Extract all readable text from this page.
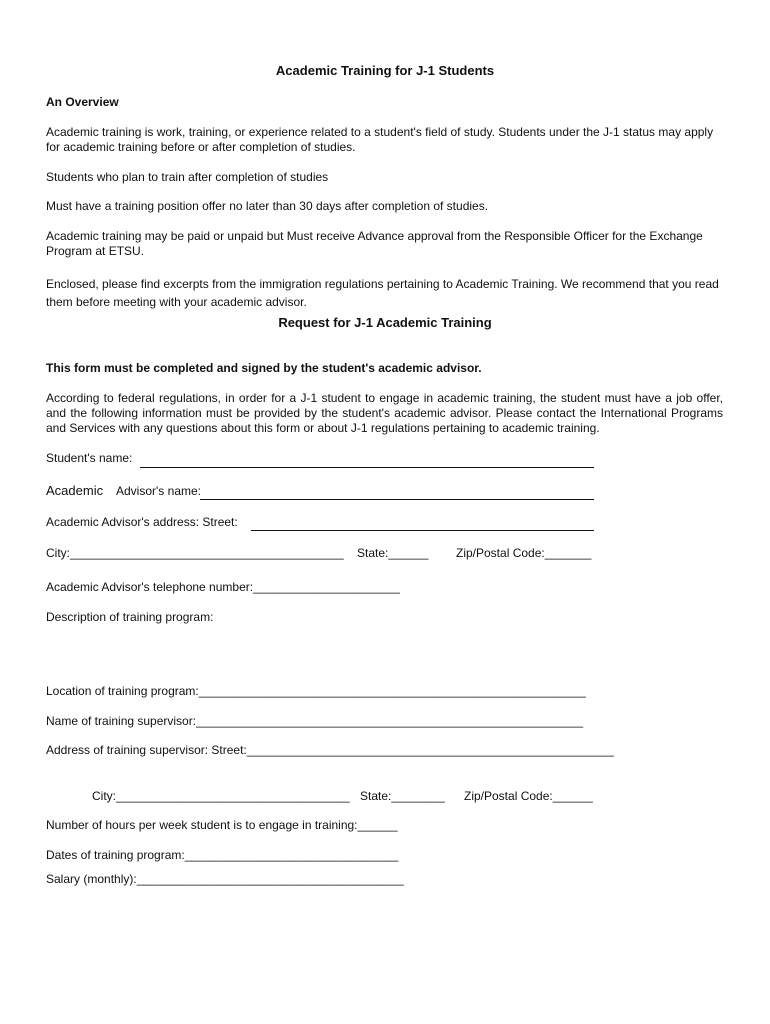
Academic Training for J-1 Students
An Overview
Academic training is work, training, or experience related to a student's field of study. Students under the J-1 status may apply for academic training before or after completion of studies.
Students who plan to train after completion of studies
Must have a training position offer no later than 30 days after completion of studies.
Academic training may be paid or unpaid but Must receive Advance approval from the Responsible Officer for the Exchange Program at ETSU.
Enclosed, please find excerpts from the immigration regulations pertaining to Academic Training. We recommend that you read them before meeting with your academic advisor.
Request for J-1 Academic Training
This form must be completed and signed by the student's academic advisor.
According to federal regulations, in order for a J-1 student to engage in academic training, the student must have a job offer, and the following information must be provided by the student's academic advisor. Please contact the International Programs and Services with any questions about this form or about J-1 regulations pertaining to academic training.
Student's name:
Academic Advisor's name:
Academic Advisor's address: Street:
City:_________________________________________ State:______ Zip/Postal Code:_______
Academic Advisor's telephone number:______________________
Description of training program:
Location of training program:__________________________________________________________
Name of training supervisor:__________________________________________________________
Address of training supervisor: Street:_______________________________________________________
City:___________________________________ State:________ Zip/Postal Code:______
Number of hours per week student is to engage in training:______
Dates of training program:________________________________
Salary (monthly):________________________________________
